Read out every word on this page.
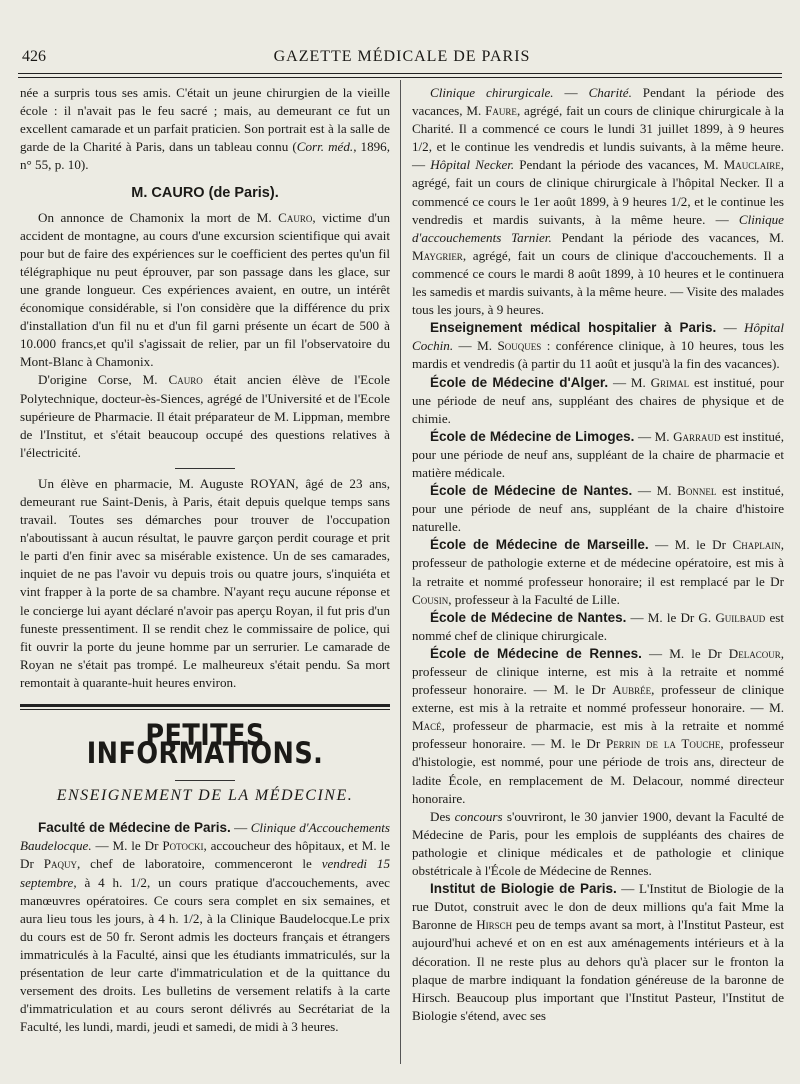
426	GAZETTE MÉDICALE DE PARIS

née a surpris tous ses amis. C'était un jeune chirurgien de la vieille école : il n'avait pas le feu sacré ; mais, au demeurant ce fut un excellent camarade et un parfait praticien. Son portrait est à la salle de garde de la Charité à Paris, dans un tableau connu (Corr. méd., 1896, n° 55, p. 10).

M. CAURO (de Paris).

On annonce de Chamonix la mort de M. Cauro, victime d'un accident de montagne, au cours d'une excursion scientifique qui avait pour but de faire des expériences sur le coefficient des pertes qu'un fil télégraphique nu peut éprouver, par son passage dans les glace, sur une grande longueur. Ces expériences avaient, en outre, un intérêt économique considérable, si l'on considère que la différence du prix d'installation d'un fil nu et d'un fil garni présente un écart de 500 à 10.000 francs,et qu'il s'agissait de relier, par un fil l'observatoire du Mont-Blanc à Chamonix.

D'origine Corse, M. Cauro était ancien élève de l'Ecole Polytechnique, docteur-ès-Siences, agrégé de l'Université et de l'Ecole supérieure de Pharmacie. Il était préparateur de M. Lippman, membre de l'Institut, et s'était beaucoup occupé des questions relatives à l'électricité.

Un élève en pharmacie, M. Auguste ROYAN, âgé de 23 ans, demeurant rue Saint-Denis, à Paris, était depuis quelque temps sans travail. Toutes ses démarches pour trouver de l'occupation n'aboutissant à aucun résultat, le pauvre garçon perdit courage et prit le parti d'en finir avec sa misérable existence. Un de ses camarades, inquiet de ne pas l'avoir vu depuis trois ou quatre jours, s'inquiéta et vint frapper à la porte de sa chambre. N'ayant reçu aucune réponse et le concierge lui ayant déclaré n'avoir pas aperçu Royan, il fut pris d'un funeste pressentiment. Il se rendit chez le commissaire de police, qui fit ouvrir la porte du jeune homme par un serrurier. Le camarade de Royan ne s'était pas trompé. Le malheureux s'était pendu. Sa mort remontait à quarante-huit heures environ.

PETITES INFORMATIONS.
ENSEIGNEMENT DE LA MÉDECINE.

Faculté de Médecine de Paris. — Clinique d'Accouchements Baudelocque. — M. le Dr Potocki, accoucheur des hôpitaux, et M. le Dr Paquy, chef de laboratoire, commenceront le vendredi 15 septembre, à 4 h. 1/2, un cours pratique d'accouchements, avec manœuvres opératoires. Ce cours sera complet en six semaines, et aura lieu tous les jours, à 4 h. 1/2, à la Clinique Baudelocque.Le prix du cours est de 50 fr. Seront admis les docteurs français et étrangers immatriculés à la Faculté, ainsi que les étudiants immatriculés, sur la présentation de leur carte d'immatriculation et de la quittance du versement des droits. Les bulletins de versement relatifs à la carte d'immatriculation et au cours seront délivrés au Secrétariat de la Faculté, les lundi, mardi, jeudi et samedi, de midi à 3 heures.

Clinique chirurgicale. — Charité. Pendant la période des vacances, M. Faure, agrégé, fait un cours de clinique chirurgicale à la Charité. Il a commencé ce cours le lundi 31 juillet 1899, à 9 heures 1/2, et le continue les vendredis et lundis suivants, à la même heure. — Hôpital Necker. Pendant la période des vacances, M. Mauclaire, agrégé, fait un cours de clinique chirurgicale à l'hôpital Necker. Il a commencé ce cours le 1er août 1899, à 9 heures 1/2, et le continue les vendredis et mardis suivants, à la même heure. — Clinique d'accouchements Tarnier. Pendant la période des vacances, M. Maygrier, agrégé, fait un cours de clinique d'accouchements. Il a commencé ce cours le mardi 8 août 1899, à 10 heures et le continuera les samedis et mardis suivants, à la même heure. — Visite des malades tous les jours, à 9 heures.

Enseignement médical hospitalier à Paris. — Hôpital Cochin. — M. Souques : conférence clinique, à 10 heures, tous les mardis et vendredis (à partir du 11 août et jusqu'à la fin des vacances).

École de Médecine d'Alger. — M. Grimal est institué, pour une période de neuf ans, suppléant des chaires de physique et de chimie.

École de Médecine de Limoges. — M. Garraud est institué, pour une période de neuf ans, suppléant de la chaire de pharmacie et matière médicale.

École de Médecine de Nantes. — M. Bonnel est institué, pour une période de neuf ans, suppléant de la chaire d'histoire naturelle.

École de Médecine de Marseille. — M. le Dr Chaplain, professeur de pathologie externe et de médecine opératoire, est mis à la retraite et nommé professeur honoraire; il est remplacé par le Dr Cousin, professeur à la Faculté de Lille.

École de Médecine de Nantes. — M. le Dr G. Guilbaud est nommé chef de clinique chirurgicale.

École de Médecine de Rennes. — M. le Dr Delacour, professeur de clinique interne, est mis à la retraite et nommé professeur honoraire. — M. le Dr Aubrée, professeur de clinique externe, est mis à la retraite et nommé professeur honoraire. — M. Macé, professeur de pharmacie, est mis à la retraite et nommé professeur honoraire. — M. le Dr Perrin de la Touche, professeur d'histologie, est nommé, pour une période de trois ans, directeur de ladite École, en remplacement de M. Delacour, nommé directeur honoraire.

Des concours s'ouvriront, le 30 janvier 1900, devant la Faculté de Médecine de Paris, pour les emplois de suppléants des chaires de pathologie et clinique médicales et de pathologie et clinique obstétricale à l'École de Médecine de Rennes.

Institut de Biologie de Paris. — L'Institut de Biologie de la rue Dutot, construit avec le don de deux millions qu'a fait Mme la Baronne de Hirsch peu de temps avant sa mort, à l'Institut Pasteur, est aujourd'hui achevé et on en est aux aménagements intérieurs et à la décoration. Il ne reste plus au dehors qu'à placer sur le fronton la plaque de marbre indiquant la fondation généreuse de la baronne de Hirsch. Beaucoup plus important que l'Institut Pasteur, l'Institut de Biologie s'étend, avec ses
